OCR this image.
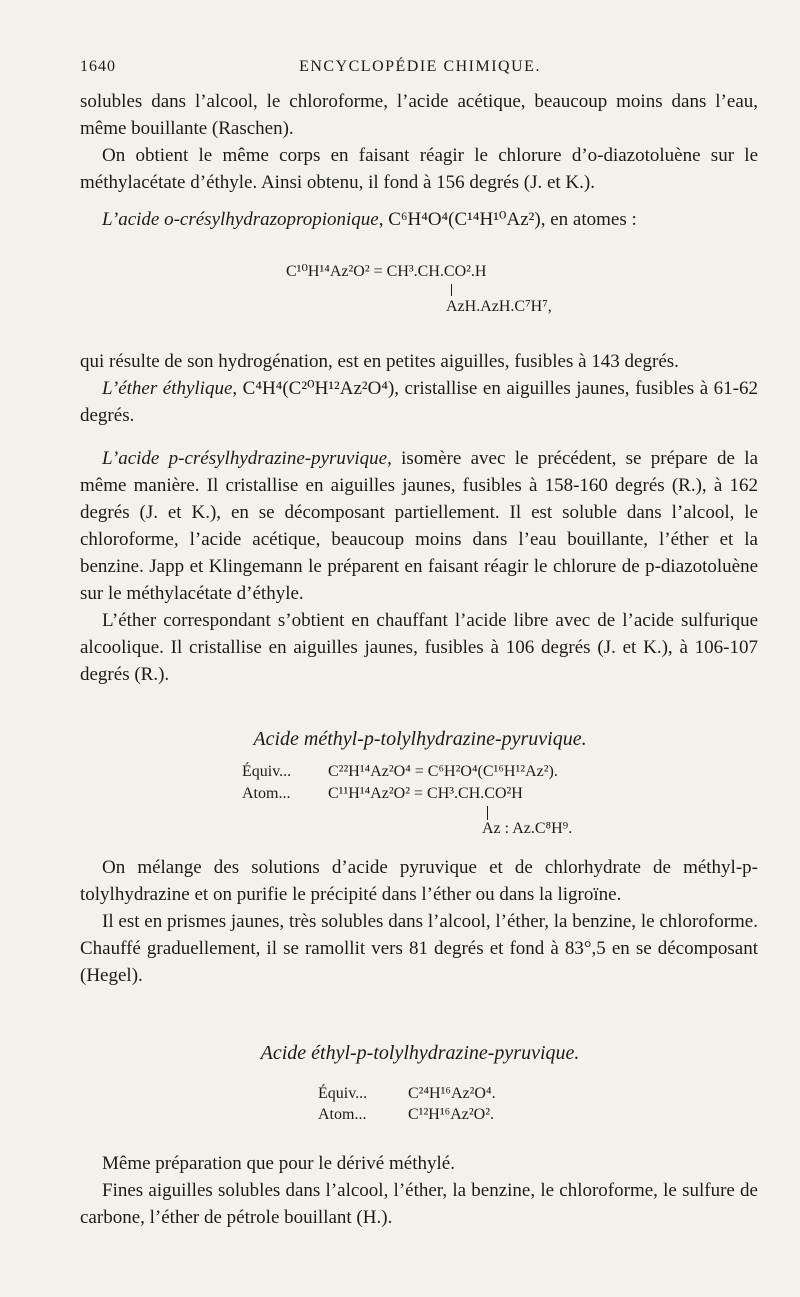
1640	ENCYCLOPÉDIE CHIMIQUE.

solubles dans l’alcool, le chloroforme, l’acide acétique, beaucoup moins dans l’eau, même bouillante (Raschen).

On obtient le même corps en faisant réagir le chlorure d’o-diazotoluène sur le méthylacétate d’éthyle. Ainsi obtenu, il fond à 156 degrés (J. et K.).

L’acide o-crésylhydrazopropionique, C⁶H⁴O⁴(C¹⁴H¹⁰Az²), en atomes :

C¹⁰H¹⁴Az²O² = CH³.CH.CO².H
AzH.AzH.C⁷H⁷,

qui résulte de son hydrogénation, est en petites aiguilles, fusibles à 143 degrés.

L’éther éthylique, C⁴H⁴(C²⁰H¹²Az²O⁴), cristallise en aiguilles jaunes, fusibles à 61-62 degrés.

L’acide p-crésylhydrazine-pyruvique, isomère avec le précédent, se prépare de la même manière. Il cristallise en aiguilles jaunes, fusibles à 158-160 degrés (R.), à 162 degrés (J. et K.), en se décomposant partiellement. Il est soluble dans l’alcool, le chloroforme, l’acide acétique, beaucoup moins dans l’eau bouillante, l’éther et la benzine. Japp et Klingemann le préparent en faisant réagir le chlorure de p-diazotoluène sur le méthylacétate d’éthyle.

L’éther correspondant s’obtient en chauffant l’acide libre avec de l’acide sulfurique alcoolique. Il cristallise en aiguilles jaunes, fusibles à 106 degrés (J. et K.), à 106-107 degrés (R.).

Acide méthyl-p-tolylhydrazine-pyruvique.
Équiv... C²²H¹⁴Az²O⁴ = C⁶H²O⁴(C¹⁶H¹²Az²).
Atom... C¹¹H¹⁴Az²O² = CH³.CH.CO²H
Az : Az.C⁸H⁹.

On mélange des solutions d’acide pyruvique et de chlorhydrate de méthyl-p-tolylhydrazine et on purifie le précipité dans l’éther ou dans la ligroïne.

Il est en prismes jaunes, très solubles dans l’alcool, l’éther, la benzine, le chloroforme. Chauffé graduellement, il se ramollit vers 81 degrés et fond à 83°,5 en se décomposant (Hegel).

Acide éthyl-p-tolylhydrazine-pyruvique.
Équiv...	C²⁴H¹⁶Az²O⁴.
Atom...	C¹²H¹⁶Az²O².

Même préparation que pour le dérivé méthylé.

Fines aiguilles solubles dans l’alcool, l’éther, la benzine, le chloroforme, le sulfure de carbone, l’éther de pétrole bouillant (H.).
